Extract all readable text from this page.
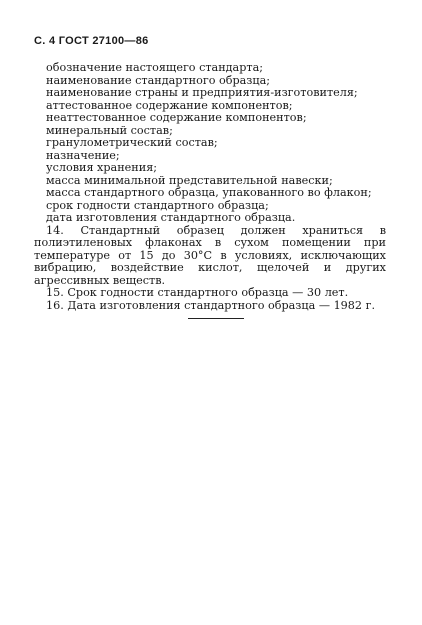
С. 4 ГОСТ 27100—86
обозначение настоящего стандарта;
наименование стандартного образца;
наименование страны и предприятия-изготовителя;
аттестованное содержание компонентов;
неаттестованное содержание компонентов;
минеральный состав;
гранулометрический состав;
назначение;
условия хранения;
масса минимальной представительной навески;
масса стандартного образца, упакованного во флакон;
срок годности стандартного образца;
дата изготовления стандартного образца.
14. Стандартный образец должен храниться в полиэтиленовых флаконах в сухом помещении при температуре от 15 до 30°С в условиях, исключающих вибрацию, воздействие кислот, щелочей и других агрессивных веществ.
15. Срок годности стандартного образца — 30 лет.
16. Дата изготовления стандартного образца — 1982 г.
